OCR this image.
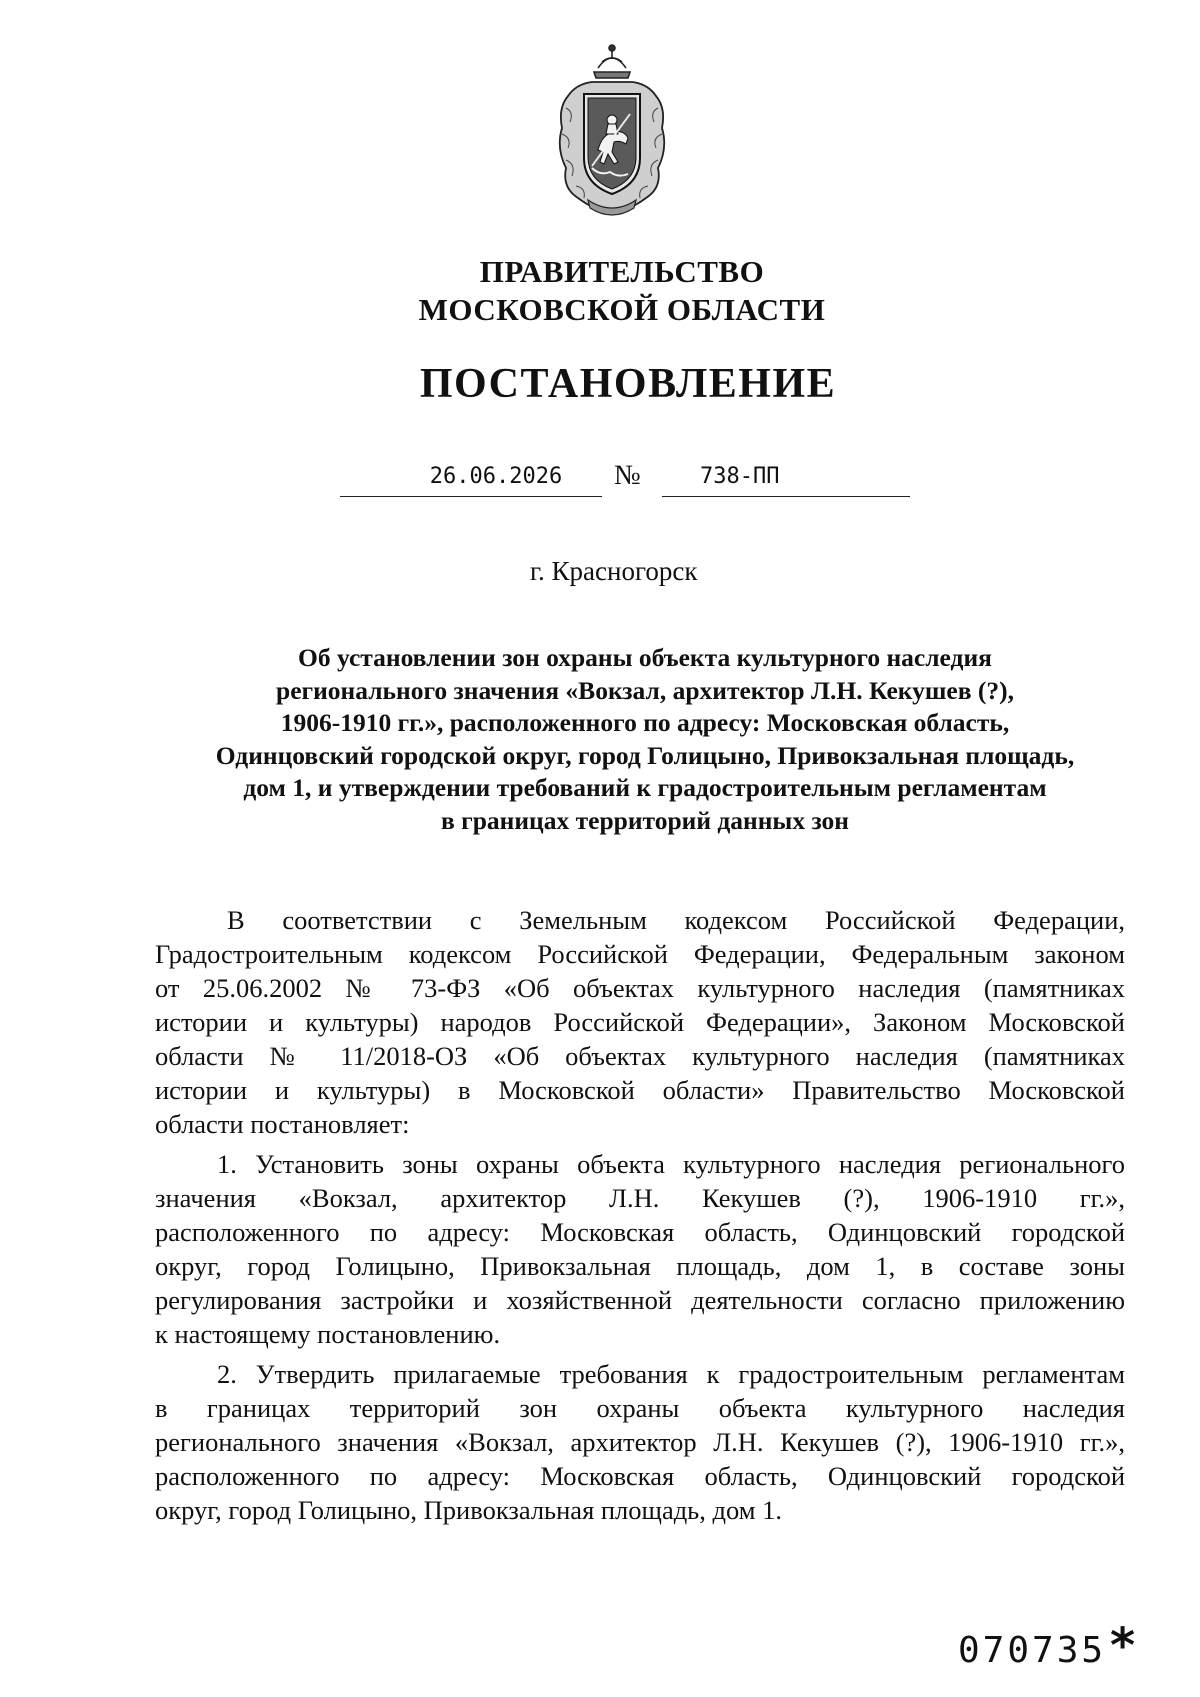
ПРАВИТЕЛЬСТВО
МОСКОВСКОЙ ОБЛАСТИ
ПОСТАНОВЛЕНИЕ
26.06.2026	№	738-ПП
г. Красногорск
Об установлении зон охраны объекта культурного наследия
регионального значения «Вокзал, архитектор Л.Н. Кекушев (?),
1906-1910 гг.», расположенного по адресу: Московская область,
Одинцовский городской округ, город Голицыно, Привокзальная площадь,
дом 1, и утверждении требований к градостроительным регламентам
в границах территорий данных зон
В соответствии с Земельным кодексом Российской Федерации,
Градостроительным кодексом Российской Федерации, Федеральным законом
от 25.06.2002 № 73-ФЗ «Об объектах культурного наследия (памятниках
истории и культуры) народов Российской Федерации», Законом Московской
области № 11/2018-ОЗ «Об объектах культурного наследия (памятниках
истории и культуры) в Московской области» Правительство Московской
области постановляет:
1. Установить зоны охраны объекта культурного наследия регионального
значения «Вокзал, архитектор Л.Н. Кекушев (?), 1906-1910 гг.»,
расположенного по адресу: Московская область, Одинцовский городской
округ, город Голицыно, Привокзальная площадь, дом 1, в составе зоны
регулирования застройки и хозяйственной деятельности согласно приложению
к настоящему постановлению.
2. Утвердить прилагаемые требования к градостроительным регламентам
в границах территорий зон охраны объекта культурного наследия
регионального значения «Вокзал, архитектор Л.Н. Кекушев (?), 1906-1910 гг.»,
расположенного по адресу: Московская область, Одинцовский городской
округ, город Голицыно, Привокзальная площадь, дом 1.
070735 *
